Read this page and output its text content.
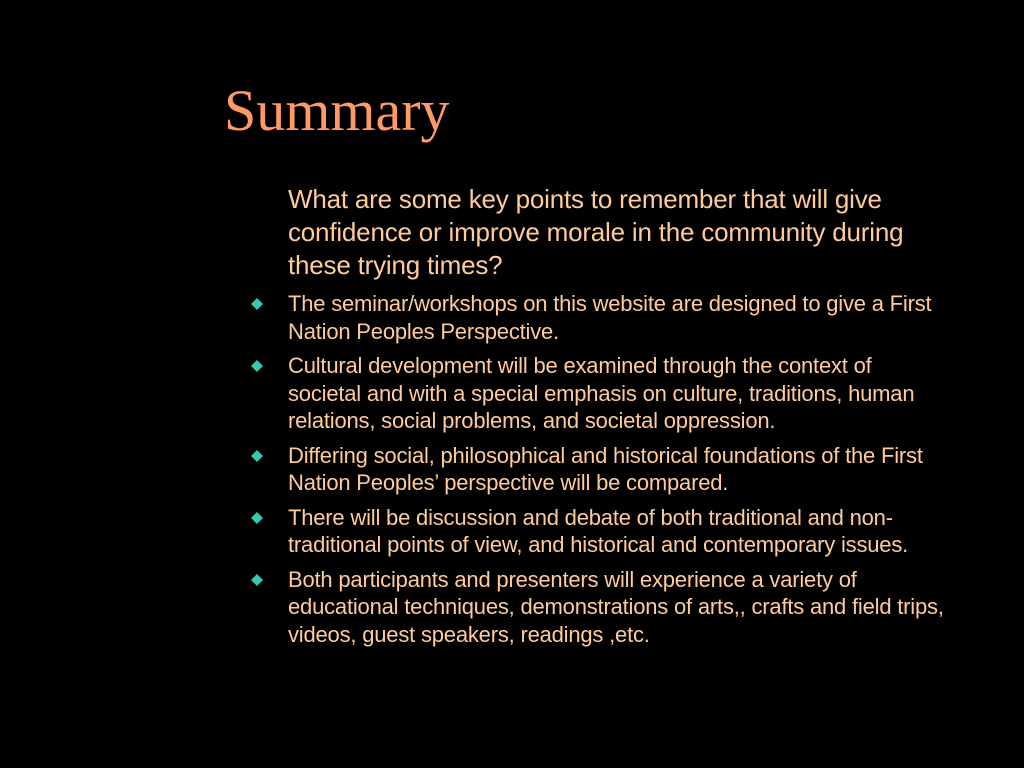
Summary

What are some key points to remember that will give confidence or improve morale in the community during these trying times?

The seminar/workshops on this website are designed to give a First Nation Peoples Perspective.
Cultural development will be examined through the context of societal and with a special emphasis on culture, traditions, human relations, social problems, and societal oppression.
Differing social, philosophical and historical foundations of the First Nation Peoples’ perspective will be compared.
There will be discussion and debate of both traditional and non-traditional points of view, and historical and contemporary issues.
Both participants and presenters will experience a variety of educational techniques, demonstrations of arts,, crafts and field trips, videos, guest speakers, readings ,etc.
